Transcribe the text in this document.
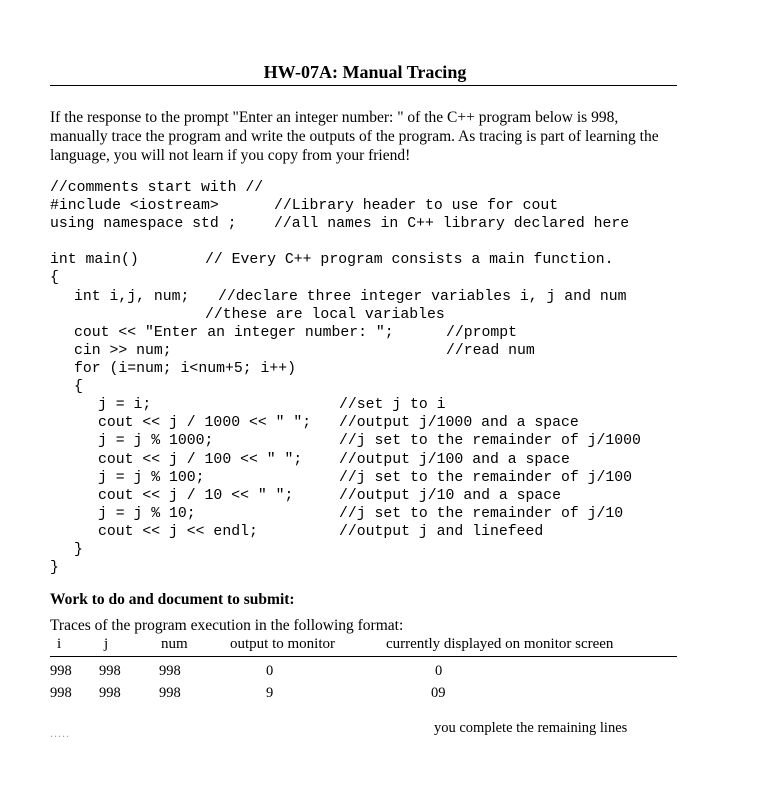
HW-07A: Manual Tracing
If the response to the prompt "Enter an integer number: " of the C++ program below is 998, manually trace the program and write the outputs of the program. As tracing is part of learning the language, you will not learn if you copy from your friend!
//comments start with //
#include <iostream>	//Library header to use for cout
using namespace std ;	//all names in C++ library declared here
int main()	// Every C++ program consists a main function.
{
int i,j, num; //declare three integer variables i, j and num
//these are local variables
cout << "Enter an integer number: ";	//prompt
cin >> num;	//read num
for (i=num; i<num+5; i++)
{
j = i;	//set j to i
cout << j / 1000 << " "; //output j/1000 and a space
j = j % 1000;	//j set to the remainder of j/1000
cout << j / 100 << " "; //output j/100 and a space
j = j % 100;	//j set to the remainder of j/100
cout << j / 10 << " ";	//output j/10 and a space
j = j % 10;	//j set to the remainder of j/10
cout << j << endl;	//output j and linefeed
}
}
Work to do and document to submit:
Traces of the program execution in the following format:
i	j	num	output to monitor	currently displayed on monitor screen
998 998	998	0	0
998 998	998	9	09
.....	you complete the remaining lines
